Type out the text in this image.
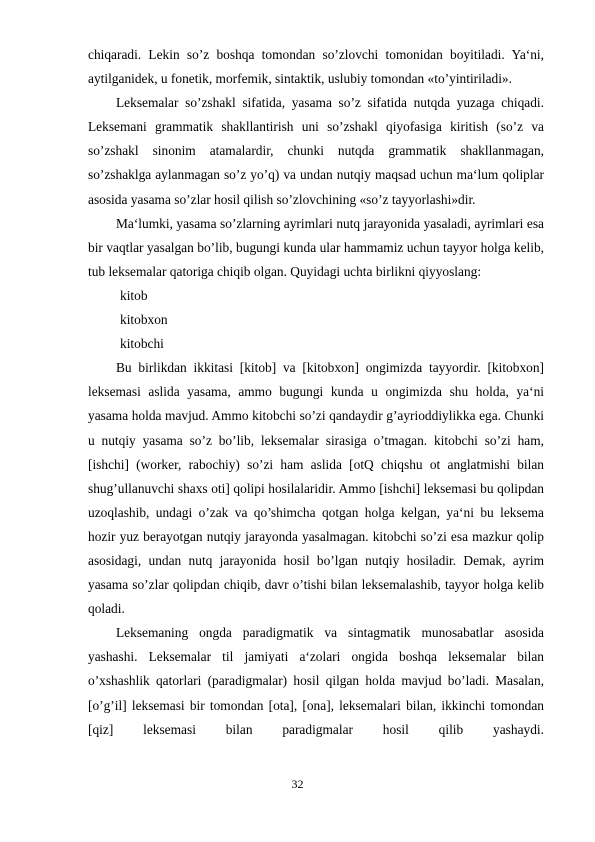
chiqaradi. Lekin so’z boshqa tomondan so’zlovchi tomonidan boyitiladi. Ya‘ni, aytilganidek, u fonetik, morfemik, sintaktik, uslubiy tomondan «to’yintiriladi».

Leksemalar so’zshakl sifatida, yasama so’z sifatida nutqda yuzaga chiqadi. Leksemani grammatik shakllantirish uni so’zshakl qiyofasiga kiritish (so’z va so’zshakl sinonim atamalardir, chunki nutqda grammatik shakllanmagan, so’zshaklga aylanmagan so’z yo’q) va undan nutqiy maqsad uchun ma‘lum qoliplar asosida yasama so’zlar hosil qilish so’zlovchining «so’z tayyorlashi»dir.

Ma‘lumki, yasama so’zlarning ayrimlari nutq jarayonida yasaladi, ayrimlari esa bir vaqtlar yasalgan bo’lib, bugungi kunda ular hammamiz uchun tayyor holga kelib, tub leksemalar qatoriga chiqib olgan. Quyidagi uchta birlikni qiyyoslang:

kitob

kitobxon

kitobchi

Bu birlikdan ikkitasi [kitob] va [kitobxon] ongimizda tayyordir. [kitobxon] leksemasi aslida yasama, ammo bugungi kunda u ongimizda shu holda, ya‘ni yasama holda mavjud. Ammo kitobchi so’zi qandaydir g’ayrioddiylikka ega. Chunki u nutqiy yasama so’z bo’lib, leksemalar sirasiga o’tmagan. kitobchi so’zi ham, [ishchi] (worker, rabochiy) so’zi ham aslida [otQ chiqshu ot anglatmishi bilan shug’ullanuvchi shaxs oti] qolipi hosilalaridir. Ammo [ishchi] leksemasi bu qolipdan uzoqlashib, undagi o’zak va qo’shimcha qotgan holga kelgan, ya‘ni bu leksema hozir yuz berayotgan nutqiy jarayonda yasalmagan. kitobchi so’zi esa mazkur qolip asosidagi, undan nutq jarayonida hosil bo’lgan nutqiy hosiladir. Demak, ayrim yasama so’zlar qolipdan chiqib, davr o’tishi bilan leksemalashib, tayyor holga kelib qoladi.

Leksemaning ongda paradigmatik va sintagmatik munosabatlar asosida yashashi. Leksemalar til jamiyati a‘zolari ongida boshqa leksemalar bilan o’xshashlik qatorlari (paradigmalar) hosil qilgan holda mavjud bo’ladi. Masalan, [o’g’il] leksemasi bir tomondan [ota], [ona], leksemalari bilan, ikkinchi tomondan [qiz] leksemasi bilan paradigmalar hosil qilib yashaydi.

32
